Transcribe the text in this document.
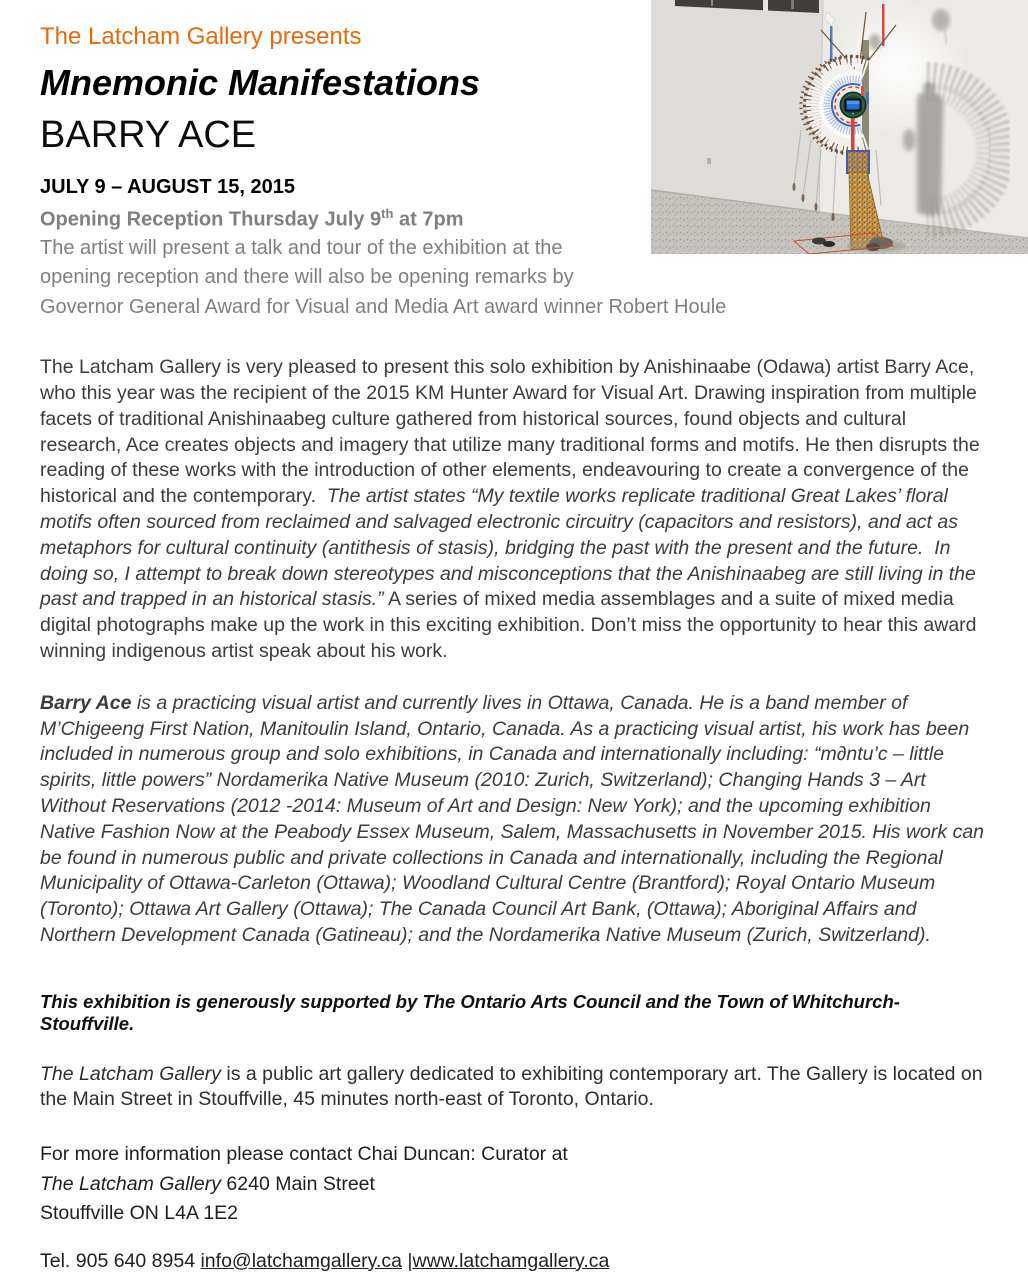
The Latcham Gallery presents
Mnemonic Manifestations
BARRY ACE
JULY 9 – AUGUST 15, 2015
Opening Reception Thursday July 9th at 7pm
The artist will present a talk and tour of the exhibition at the
opening reception and there will also be opening remarks by
Governor General Award for Visual and Media Art award winner Robert Houle

The Latcham Gallery is very pleased to present this solo exhibition by Anishinaabe (Odawa) artist Barry Ace, who this year was the recipient of the 2015 KM Hunter Award for Visual Art. Drawing inspiration from multiple facets of traditional Anishinaabeg culture gathered from historical sources, found objects and cultural research, Ace creates objects and imagery that utilize many traditional forms and motifs. He then disrupts the reading of these works with the introduction of other elements, endeavouring to create a convergence of the historical and the contemporary.  The artist states “My textile works replicate traditional Great Lakes’ floral motifs often sourced from reclaimed and salvaged electronic circuitry (capacitors and resistors), and act as metaphors for cultural continuity (antithesis of stasis), bridging the past with the present and the future.  In doing so, I attempt to break down stereotypes and misconceptions that the Anishinaabeg are still living in the past and trapped in an historical stasis.” A series of mixed media assemblages and a suite of mixed media digital photographs make up the work in this exciting exhibition. Don’t miss the opportunity to hear this award winning indigenous artist speak about his work.

Barry Ace is a practicing visual artist and currently lives in Ottawa, Canada. He is a band member of M’Chigeeng First Nation, Manitoulin Island, Ontario, Canada. As a practicing visual artist, his work has been included in numerous group and solo exhibitions, in Canada and internationally including: “m∂ntu’c – little spirits, little powers” Nordamerika Native Museum (2010: Zurich, Switzerland); Changing Hands 3 – Art Without Reservations (2012 -2014: Museum of Art and Design: New York); and the upcoming exhibition Native Fashion Now at the Peabody Essex Museum, Salem, Massachusetts in November 2015. His work can be found in numerous public and private collections in Canada and internationally, including the Regional Municipality of Ottawa-Carleton (Ottawa); Woodland Cultural Centre (Brantford); Royal Ontario Museum (Toronto); Ottawa Art Gallery (Ottawa); The Canada Council Art Bank, (Ottawa); Aboriginal Affairs and Northern Development Canada (Gatineau); and the Nordamerika Native Museum (Zurich, Switzerland).

This exhibition is generously supported by The Ontario Arts Council and the Town of Whitchurch-Stouffville.

The Latcham Gallery is a public art gallery dedicated to exhibiting contemporary art. The Gallery is located on the Main Street in Stouffville, 45 minutes north-east of Toronto, Ontario.

For more information please contact Chai Duncan: Curator at
The Latcham Gallery 6240 Main Street
Stouffville ON L4A 1E2
Tel. 905 640 8954 info@latchamgallery.ca |www.latchamgallery.ca
